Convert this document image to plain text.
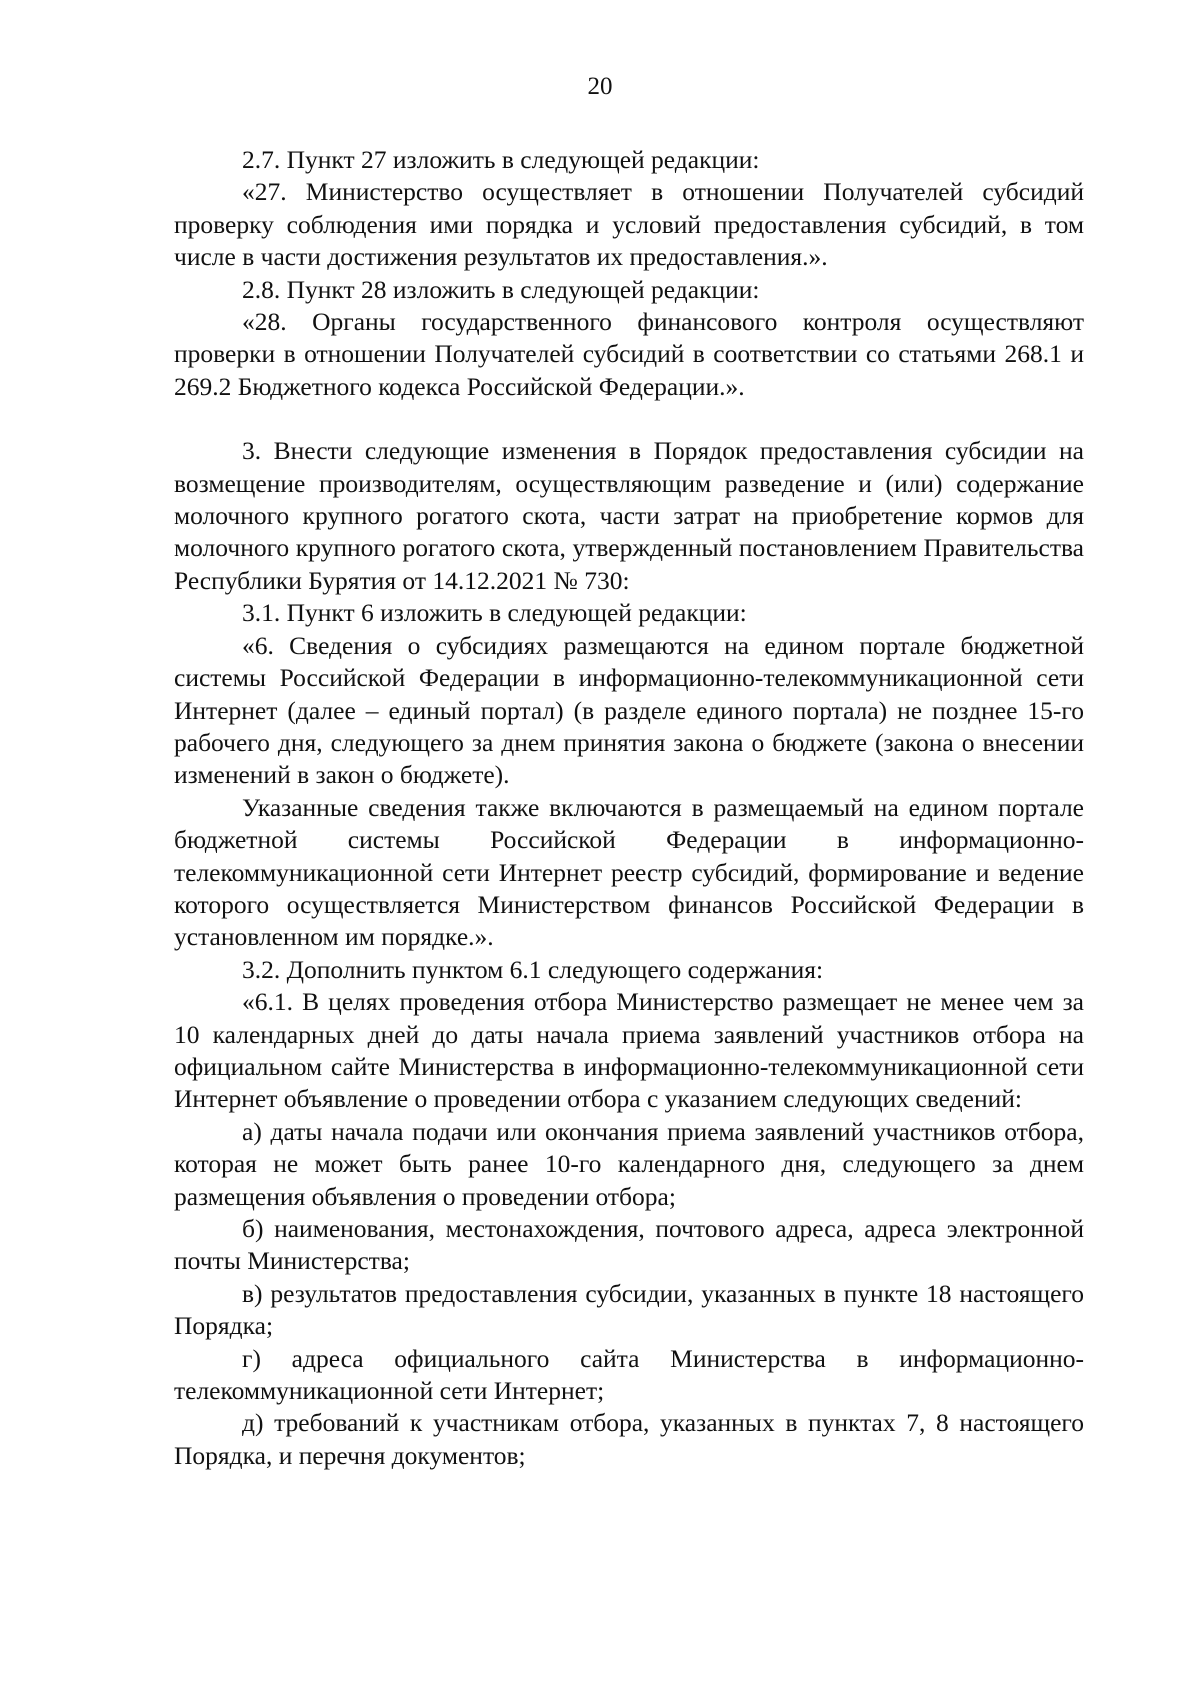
20

2.7. Пункт 27 изложить в следующей редакции:

«27. Министерство осуществляет в отношении Получателей субсидий проверку соблюдения ими порядка и условий предоставления субсидий, в том числе в части достижения результатов их предоставления.».

2.8. Пункт 28 изложить в следующей редакции:

«28. Органы государственного финансового контроля осуществляют проверки в отношении Получателей субсидий в соответствии со статьями 268.1 и 269.2 Бюджетного кодекса Российской Федерации.».

3. Внести следующие изменения в Порядок предоставления субсидии на возмещение производителям, осуществляющим разведение и (или) содержание молочного крупного рогатого скота, части затрат на приобретение кормов для молочного крупного рогатого скота, утвержденный постановлением Правительства Республики Бурятия от 14.12.2021 № 730:

3.1. Пункт 6 изложить в следующей редакции:

«6. Сведения о субсидиях размещаются на едином портале бюджетной системы Российской Федерации в информационно-телекоммуникационной сети Интернет (далее – единый портал) (в разделе единого портала) не позднее 15-го рабочего дня, следующего за днем принятия закона о бюджете (закона о внесении изменений в закон о бюджете).

Указанные сведения также включаются в размещаемый на едином портале бюджетной системы Российской Федерации в информационно-телекоммуникационной сети Интернет реестр субсидий, формирование и ведение которого осуществляется Министерством финансов Российской Федерации в установленном им порядке.».

3.2. Дополнить пунктом 6.1 следующего содержания:

«6.1. В целях проведения отбора Министерство размещает не менее чем за 10 календарных дней до даты начала приема заявлений участников отбора на официальном сайте Министерства в информационно-телекоммуникационной сети Интернет объявление о проведении отбора с указанием следующих сведений:

а) даты начала подачи или окончания приема заявлений участников отбора, которая не может быть ранее 10-го календарного дня, следующего за днем размещения объявления о проведении отбора;

б) наименования, местонахождения, почтового адреса, адреса электронной почты Министерства;

в) результатов предоставления субсидии, указанных в пункте 18 настоящего Порядка;

г) адреса официального сайта Министерства в информационно-телекоммуникационной сети Интернет;

д) требований к участникам отбора, указанных в пунктах 7, 8 настоящего Порядка, и перечня документов;
